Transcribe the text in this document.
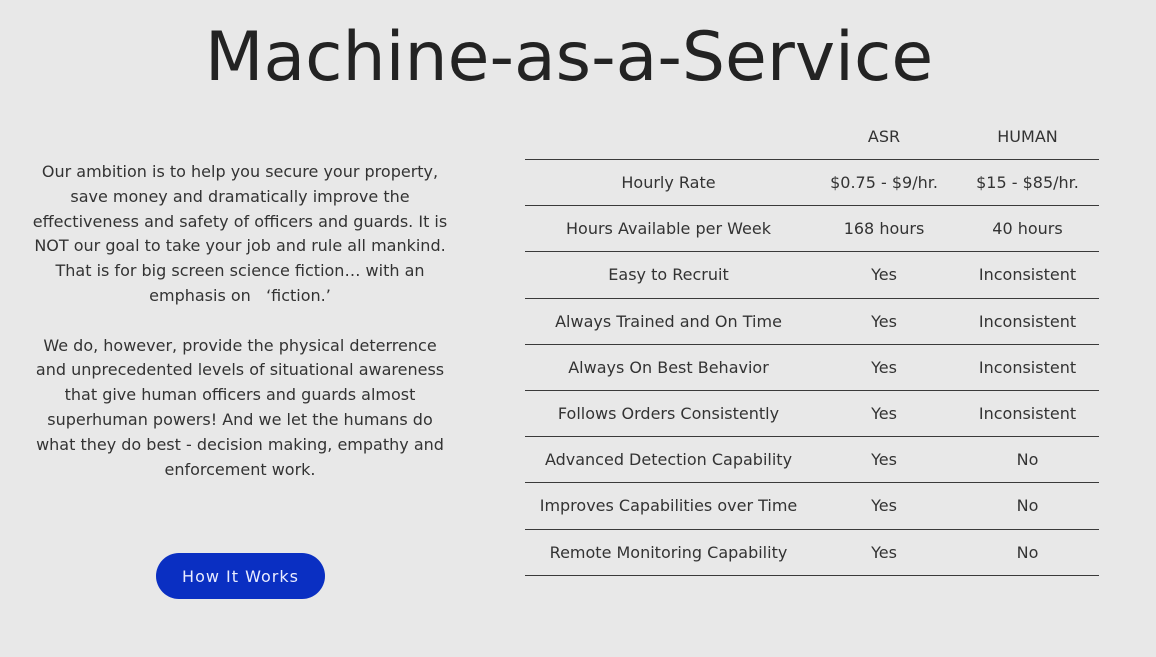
Machine-as-a-Service

Our ambition is to help you secure your property, save money and dramatically improve the effectiveness and safety of officers and guards. It is NOT our goal to take your job and rule all mankind. That is for big screen science fiction… with an emphasis on   ‘fiction.’

We do, however, provide the physical deterrence and unprecedented levels of situational awareness that give human officers and guards almost superhuman powers! And we let the humans do what they do best - decision making, empathy and enforcement work.

How It Works
	ASR	HUMAN
Hourly Rate	$0.75 - $9/hr.	$15 - $85/hr.
Hours Available per Week	168 hours	40 hours
Easy to Recruit	Yes	Inconsistent
Always Trained and On Time	Yes	Inconsistent
Always On Best Behavior	Yes	Inconsistent
Follows Orders Consistently	Yes	Inconsistent
Advanced Detection Capability	Yes	No
Improves Capabilities over Time	Yes	No
Remote Monitoring Capability	Yes	No
